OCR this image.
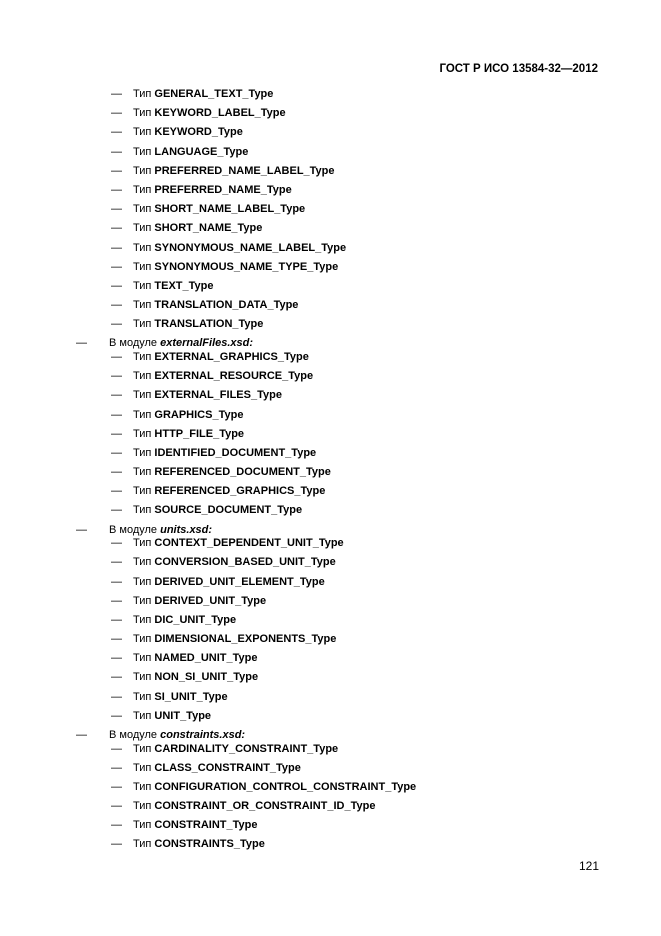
ГОСТ Р ИСО 13584-32—2012
— Тип GENERAL_TEXT_Type
— Тип KEYWORD_LABEL_Type
— Тип KEYWORD_Type
— Тип LANGUAGE_Type
— Тип PREFERRED_NAME_LABEL_Type
— Тип PREFERRED_NAME_Type
— Тип SHORT_NAME_LABEL_Type
— Тип SHORT_NAME_Type
— Тип SYNONYMOUS_NAME_LABEL_Type
— Тип SYNONYMOUS_NAME_TYPE_Type
— Тип TEXT_Type
— Тип TRANSLATION_DATA_Type
— Тип TRANSLATION_Type
— В модуле externalFiles.xsd:
— Тип EXTERNAL_GRAPHICS_Type
— Тип EXTERNAL_RESOURCE_Type
— Тип EXTERNAL_FILES_Type
— Тип GRAPHICS_Type
— Тип HTTP_FILE_Type
— Тип IDENTIFIED_DOCUMENT_Type
— Тип REFERENCED_DOCUMENT_Type
— Тип REFERENCED_GRAPHICS_Type
— Тип SOURCE_DOCUMENT_Type
— В модуле units.xsd:
— Тип CONTEXT_DEPENDENT_UNIT_Type
— Тип CONVERSION_BASED_UNIT_Type
— Тип DERIVED_UNIT_ELEMENT_Type
— Тип DERIVED_UNIT_Type
— Тип DIC_UNIT_Type
— Тип DIMENSIONAL_EXPONENTS_Type
— Тип NAMED_UNIT_Type
— Тип NON_SI_UNIT_Type
— Тип SI_UNIT_Type
— Тип UNIT_Type
— В модуле constraints.xsd:
— Тип CARDINALITY_CONSTRAINT_Type
— Тип CLASS_CONSTRAINT_Type
— Тип CONFIGURATION_CONTROL_CONSTRAINT_Type
— Тип CONSTRAINT_OR_CONSTRAINT_ID_Type
— Тип CONSTRAINT_Type
— Тип CONSTRAINTS_Type
121
